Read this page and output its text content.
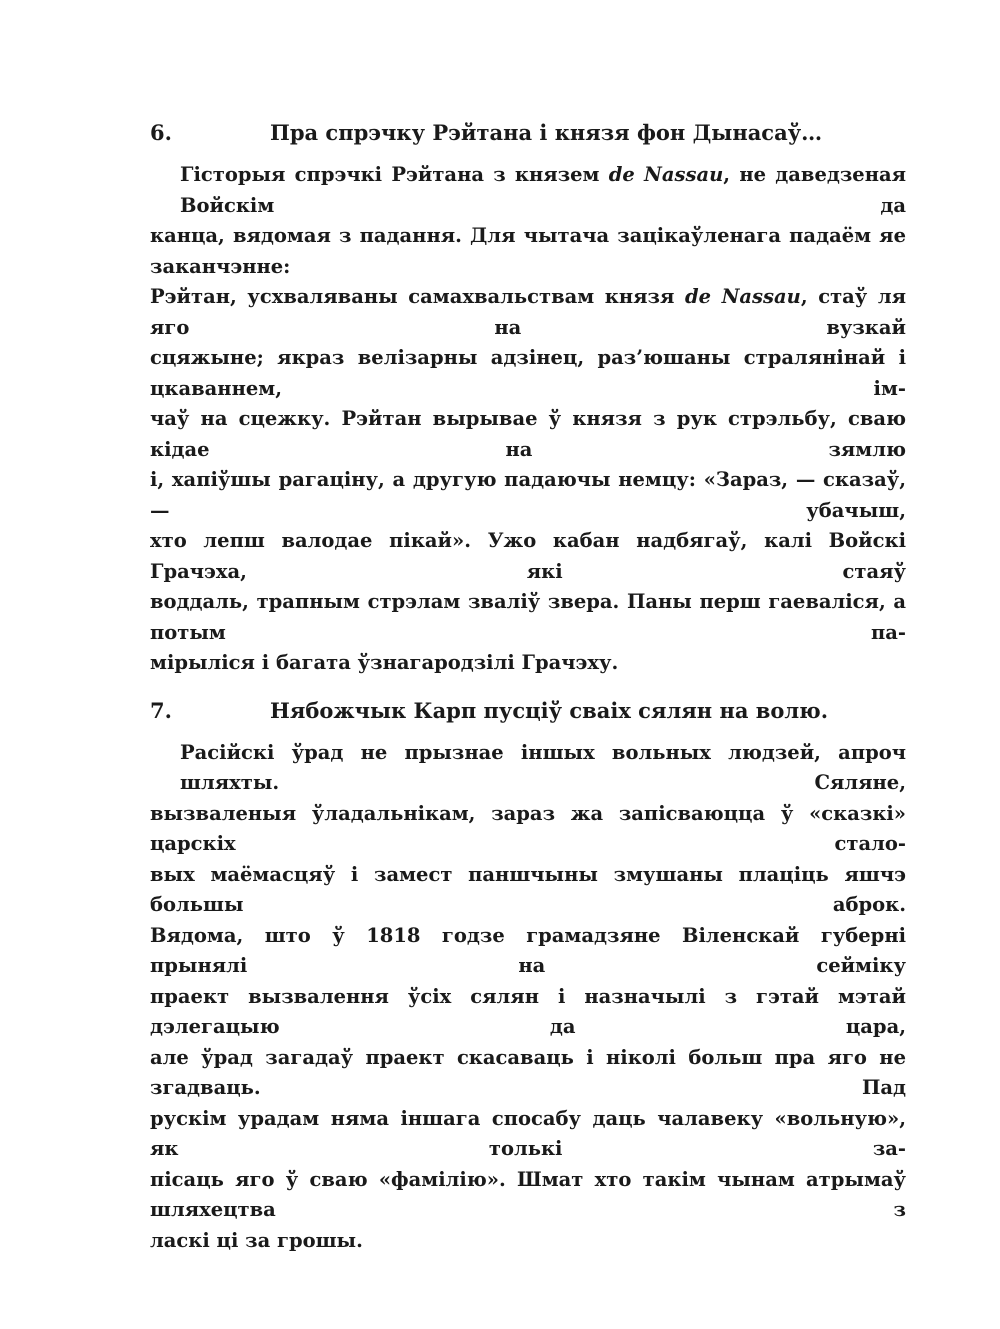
6.	Пра спрэчку Рэйтана і князя фон Дынасаў…
Гісторыя спрэчкі Рэйтана з князем de Nassau, не даведзеная Войскім да
канца, вядомая з падання. Для чытача зацікаўленага падаём яе заканчэнне:
Рэйтан, усхваляваны самахвальствам князя de Nassau, стаў ля яго на вузкай
сцяжыне; якраз велізарны адзінец, раз’юшаны стралянінай і цкаваннем, ім-
чаў на сцежку. Рэйтан вырывае ў князя з рук стрэльбу, сваю кідае на зямлю
і, хапіўшы рагаціну, а другую падаючы немцу: «Зараз, — сказаў, — убачыш,
хто лепш валодае пікай». Ужо кабан надбягаў, калі Войскі Грачэха, які стаяў
воддаль, трапным стрэлам зваліў звера. Паны перш гаеваліся, а потым па-
мірыліся і багата ўзнагародзілі Грачэху.
7.	Нябожчык Карп пусціў сваіх сялян на волю.
Расійскі ўрад не прызнае іншых вольных людзей, апроч шляхты. Сяляне,
вызваленыя ўладальнікам, зараз жа запісваюцца ў «сказкі» царскіх стало-
вых маёмасцяў і замест паншчыны змушаны плаціць яшчэ большы аброк.
Вядома, што ў 1818 годзе грамадзяне Віленскай губерні прынялі на сейміку
праект вызвалення ўсіх сялян і назначылі з гэтай мэтай дэлегацыю да цара,
але ўрад загадаў праект скасаваць і ніколі больш пра яго не згадваць. Пад
рускім урадам няма іншага спосабу даць чалавеку «вольную», як толькі за-
пісаць яго ў сваю «фамілію». Шмат хто такім чынам атрымаў шляхецтва з
ласкі ці за грошы.
